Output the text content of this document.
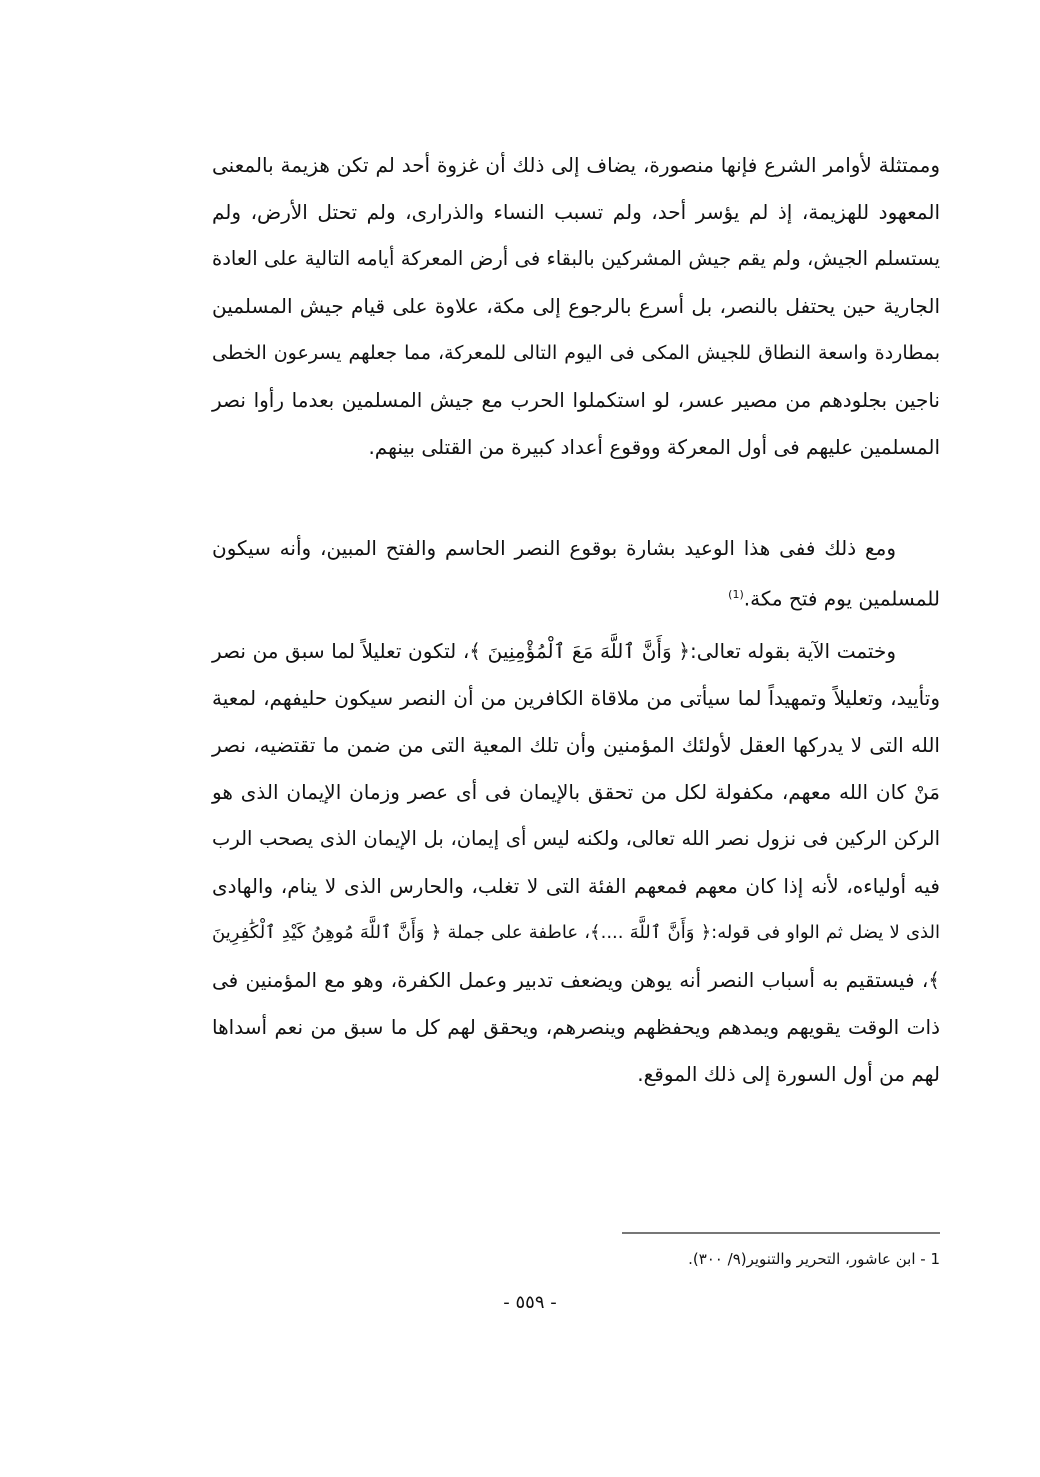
وممتثلة لأوامر الشرع فإنها منصورة، يضاف إلى ذلك أن غزوة أحد لم تكن هزيمة بالمعنى
المعهود للهزيمة، إذ لم يؤسر أحد، ولم تسبب النساء والذرارى، ولم تحتل الأرض، ولم
يستسلم الجيش، ولم يقم جيش المشركين بالبقاء فى أرض المعركة أيامه التالية على العادة
الجارية حين يحتفل بالنصر، بل أسرع بالرجوع إلى مكة، علاوة على قيام جيش المسلمين
بمطاردة واسعة النطاق للجيش المكى فى اليوم التالى للمعركة، مما جعلهم يسرعون الخطى
ناجين بجلودهم من مصير عسر، لو استكملوا الحرب مع جيش المسلمين بعدما رأوا نصر
المسلمين عليهم فى أول المعركة ووقوع أعداد كبيرة من القتلى بينهم.
ومع ذلك ففى هذا الوعيد بشارة بوقوع النصر الحاسم والفتح المبين، وأنه سيكون
للمسلمين يوم فتح مكة.$^{(1)}$
وختمت الآية بقوله تعالى:﴿ وَأَنَّ ٱللَّهَ مَعَ ٱلْمُؤْمِنِينَ ﴾، لتكون تعليلاً لما سبق من نصر
وتأييد، وتعليلاً وتمهيداً لما سيأتى من ملاقاة الكافرين من أن النصر سيكون حليفهم، لمعية
الله التى لا يدركها العقل لأولئك المؤمنين وأن تلك المعية التى من ضمن ما تقتضيه، نصر
مَنْ كان الله معهم، مكفولة لكل من تحقق بالإيمان فى أى عصر وزمان الإيمان الذى هو
الركن الركين فى نزول نصر الله تعالى، ولكنه ليس أى إيمان، بل الإيمان الذى يصحب الرب
فيه أولياءه، لأنه إذا كان معهم فمعهم الفئة التى لا تغلب، والحارس الذى لا ينام، والهادى
الذى لا يضل ثم الواو فى قوله:﴿ وَأَنَّ ٱللَّهَ ....﴾، عاطفة على جملة ﴿ وَأَنَّ ٱللَّهَ مُوهِنُ كَيْدِ ٱلْكَٰفِرِينَ
﴾، فيستقيم به أسباب النصر أنه يوهن ويضعف تدبير وعمل الكفرة، وهو مع المؤمنين فى
ذات الوقت يقويهم ويمدهم ويحفظهم وينصرهم، ويحقق لهم كل ما سبق من نعم أسداها
لهم من أول السورة إلى ذلك الموقع.
1 - ابن عاشور، التحرير والتنوير(٩/ ٣٠٠).
- ٥٥٩ -
